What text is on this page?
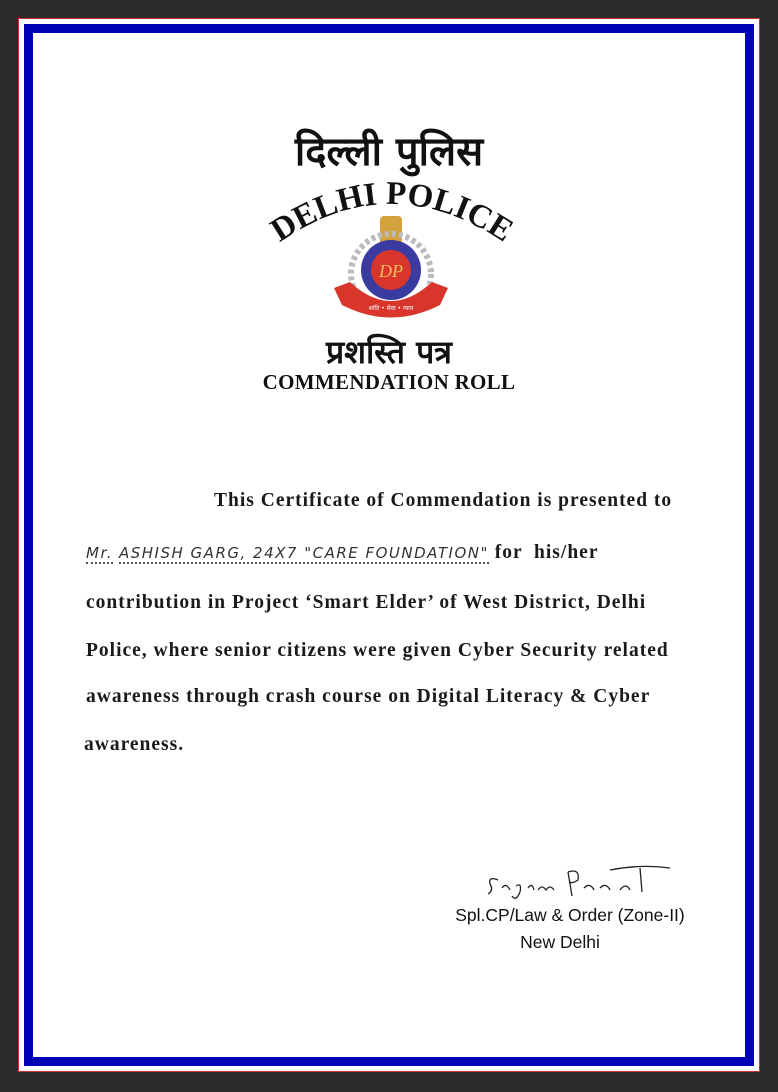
दिल्ली पुलिस
DELHI POLICE
DP
शांति • सेवा • न्याय
प्रशस्ति पत्र
COMMENDATION ROLL
This Certificate of Commendation is presented to
Mr. ASHISH GARG, 24X7 "CARE FOUNDATION" for  his/her
contribution in Project ‘Smart Elder’ of West District, Delhi
Police, where senior citizens were given Cyber Security related
awareness through crash course on Digital Literacy & Cyber
awareness.
Spl.CP/Law & Order (Zone-II)
New Delhi
